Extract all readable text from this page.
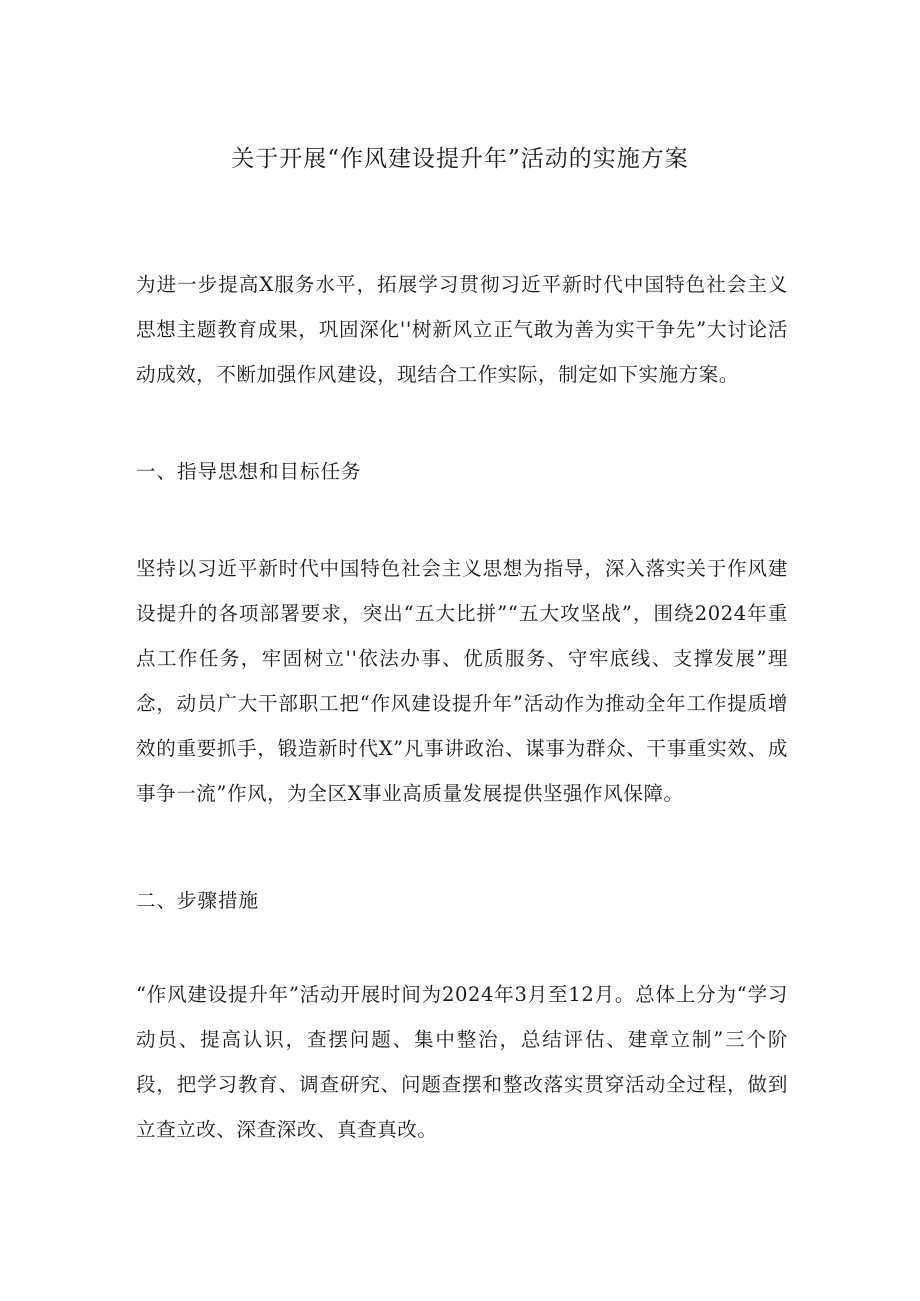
关于开展“作风建设提升年”活动的实施方案
为进一步提高X服务水平，拓展学习贯彻习近平新时代中国特色社会主义思想主题教育成果，巩固深化''树新风立正气敢为善为实干争先”大讨论活动成效，不断加强作风建设，现结合工作实际，制定如下实施方案。
一、指导思想和目标任务
坚持以习近平新时代中国特色社会主义思想为指导，深入落实关于作风建设提升的各项部署要求，突出“五大比拼”“五大攻坚战”，围绕2024年重点工作任务，牢固树立''依法办事、优质服务、守牢底线、支撑发展”理念，动员广大干部职工把“作风建设提升年”活动作为推动全年工作提质增效的重要抓手，锻造新时代X”凡事讲政治、谋事为群众、干事重实效、成事争一流”作风，为全区X事业高质量发展提供坚强作风保障。
二、步骤措施
“作风建设提升年”活动开展时间为2024年3月至12月。总体上分为“学习动员、提高认识，查摆问题、集中整治，总结评估、建章立制”三个阶段，把学习教育、调查研究、问题查摆和整改落实贯穿活动全过程，做到立查立改、深查深改、真查真改。
